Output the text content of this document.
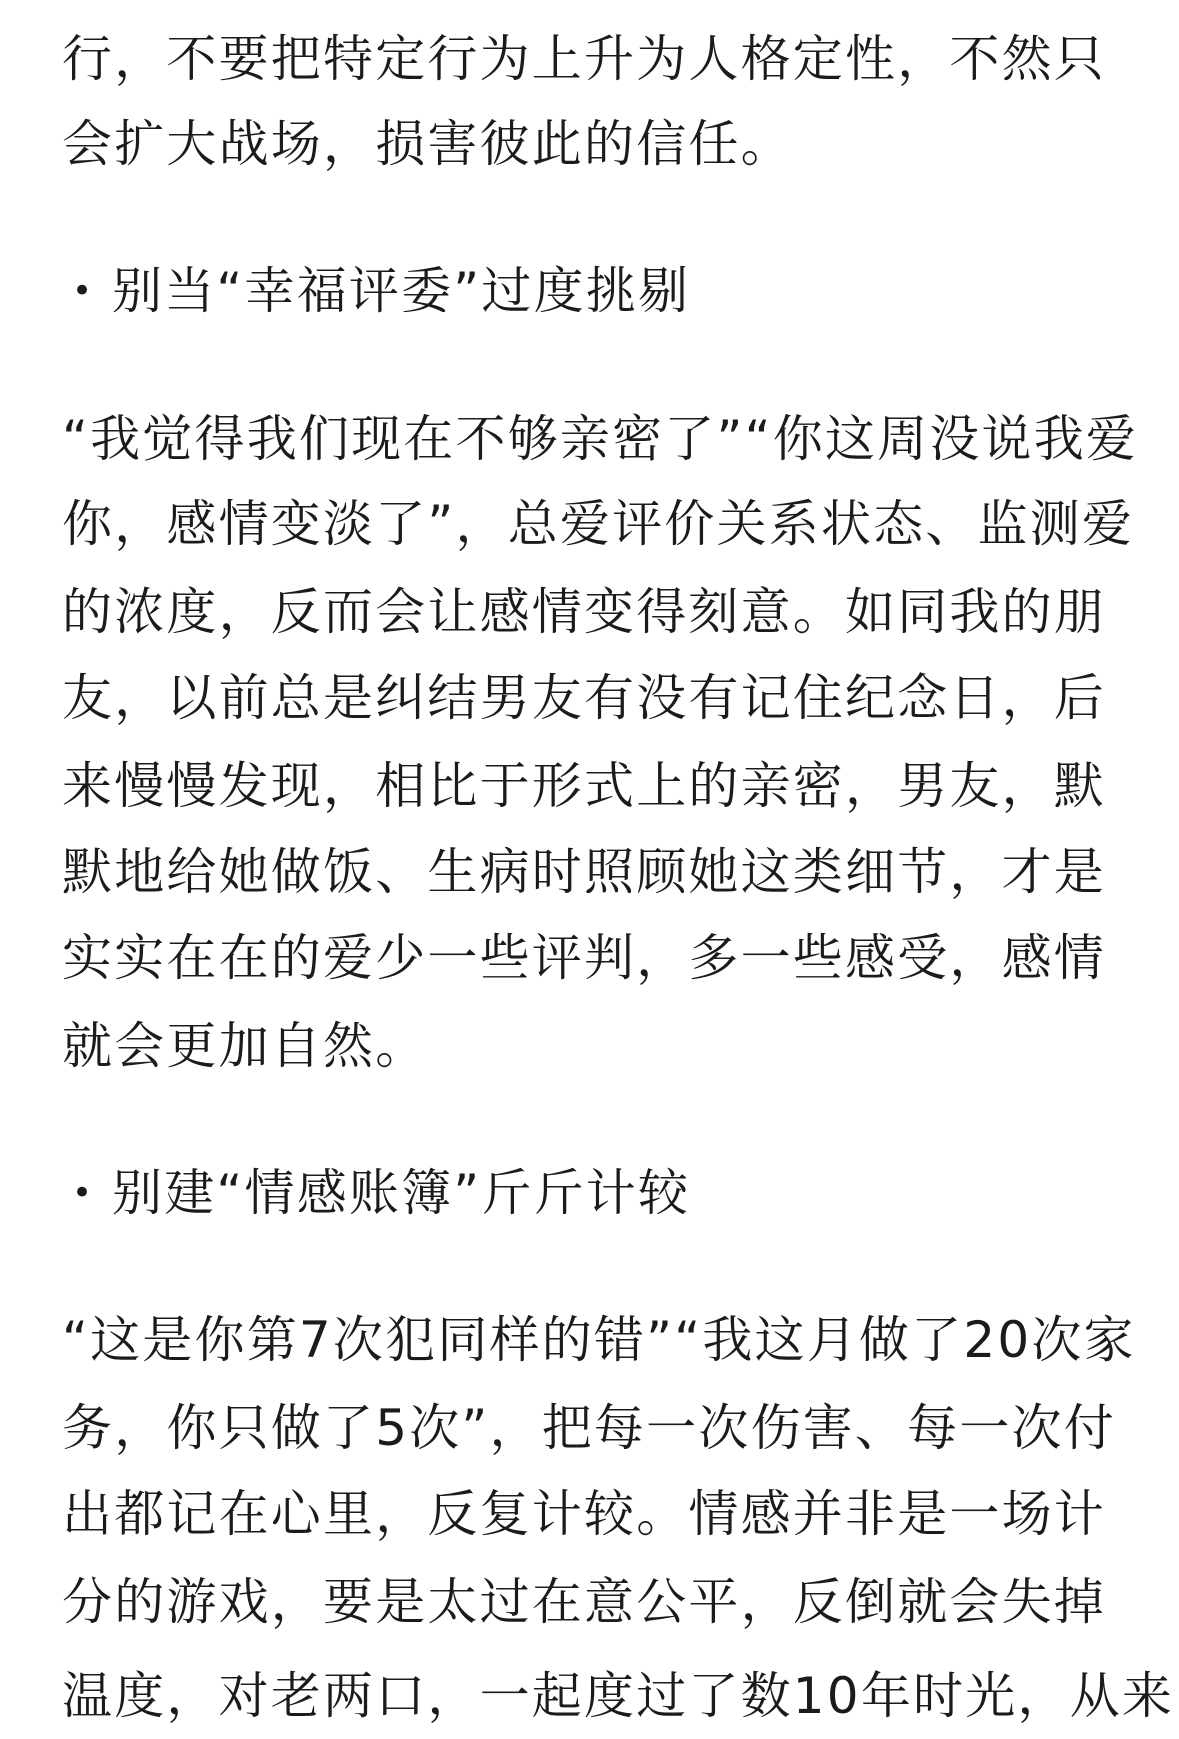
行，不要把特定行为上升为人格定性，不然只
会扩大战场，损害彼此的信任。
• 别当“幸福评委”过度挑剔
“我觉得我们现在不够亲密了”“你这周没说我爱
你，感情变淡了”，总爱评价关系状态、监测爱
的浓度，反而会让感情变得刻意。如同我的朋
友，以前总是纠结男友有没有记住纪念日，后
来慢慢发现，相比于形式上的亲密，男友，默
默地给她做饭、生病时照顾她这类细节，才是
实实在在的爱少一些评判，多一些感受，感情
就会更加自然。
• 别建“情感账簿”斤斤计较
“这是你第7次犯同样的错”“我这月做了20次家
务，你只做了5次”，把每一次伤害、每一次付
出都记在心里，反复计较。情感并非是一场计
分的游戏，要是太过在意公平，反倒就会失掉
温度，对老两口，一起度过了数10年时光，从来
